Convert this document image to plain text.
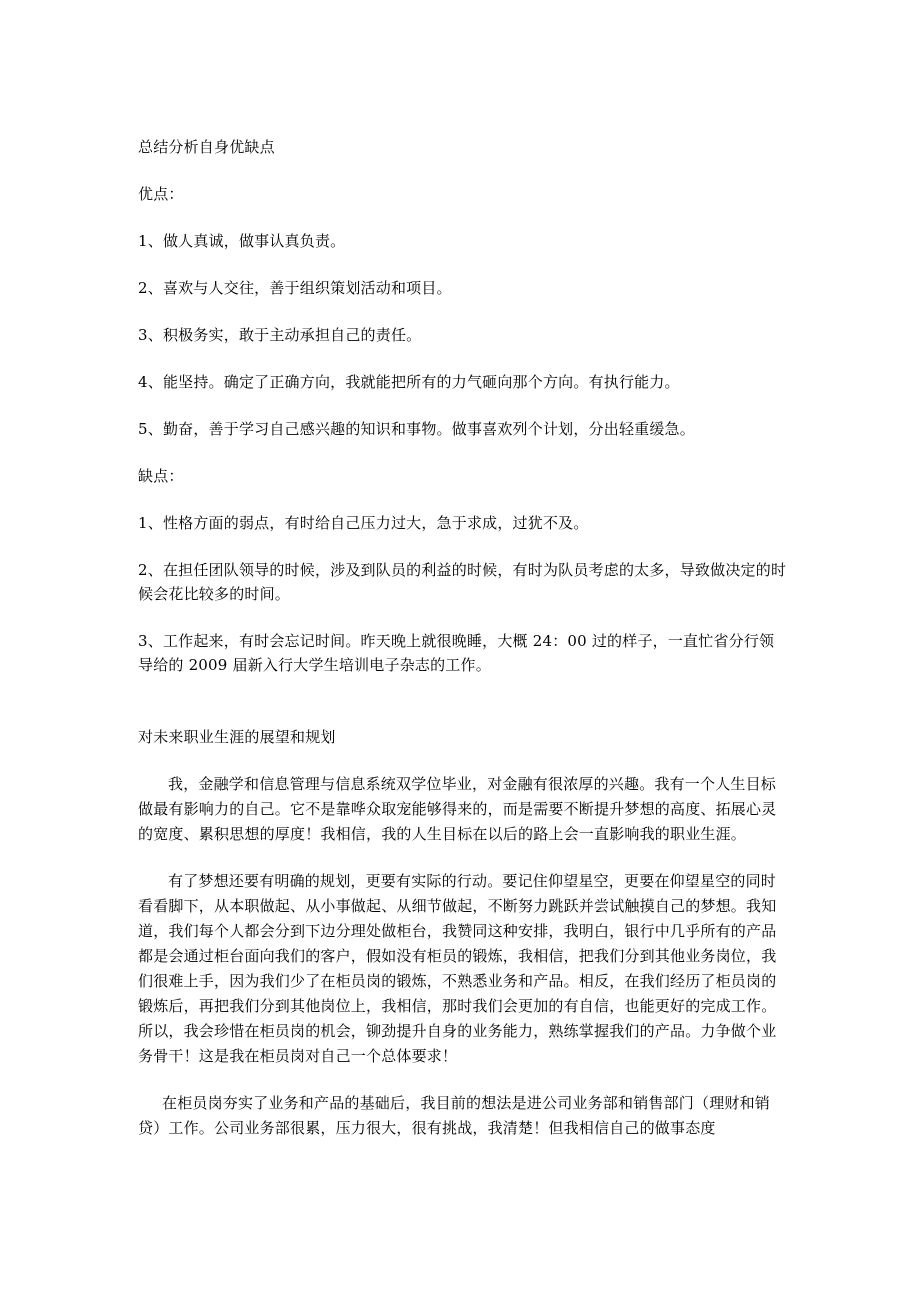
总结分析自身优缺点

优点：

1、做人真诚，做事认真负责。

2、喜欢与人交往，善于组织策划活动和项目。

3、积极务实，敢于主动承担自己的责任。

4、能坚持。确定了正确方向，我就能把所有的力气砸向那个方向。有执行能力。

5、勤奋，善于学习自己感兴趣的知识和事物。做事喜欢列个计划，分出轻重缓急。

缺点：

1、性格方面的弱点，有时给自己压力过大，急于求成，过犹不及。

2、在担任团队领导的时候，涉及到队员的利益的时候，有时为队员考虑的太多，导致做决定的时候会花比较多的时间。

3、工作起来，有时会忘记时间。昨天晚上就很晚睡，大概 24：00 过的样子，一直忙省分行领导给的 2009 届新入行大学生培训电子杂志的工作。

对未来职业生涯的展望和规划

我，金融学和信息管理与信息系统双学位毕业，对金融有很浓厚的兴趣。我有一个人生目标 做最有影响力的自己。它不是靠哗众取宠能够得来的，而是需要不断提升梦想的高度、拓展心灵的宽度、累积思想的厚度！我相信，我的人生目标在以后的路上会一直影响我的职业生涯。

有了梦想还要有明确的规划，更要有实际的行动。要记住仰望星空，更要在仰望星空的同时看看脚下，从本职做起、从小事做起、从细节做起，不断努力跳跃并尝试触摸自己的梦想。我知道，我们每个人都会分到下边分理处做柜台，我赞同这种安排，我明白，银行中几乎所有的产品都是会通过柜台面向我们的客户，假如没有柜员的锻炼，我相信，把我们分到其他业务岗位，我们很难上手，因为我们少了在柜员岗的锻炼，不熟悉业务和产品。相反，在我们经历了柜员岗的锻炼后，再把我们分到其他岗位上，我相信，那时我们会更加的有自信，也能更好的完成工作。所以，我会珍惜在柜员岗的机会，铆劲提升自身的业务能力，熟练掌握我们的产品。力争做个业务骨干！这是我在柜员岗对自己一个总体要求！

在柜员岗夯实了业务和产品的基础后，我目前的想法是进公司业务部和销售部门（理财和销贷）工作。公司业务部很累，压力很大，很有挑战，我清楚！但我相信自己的做事态度
